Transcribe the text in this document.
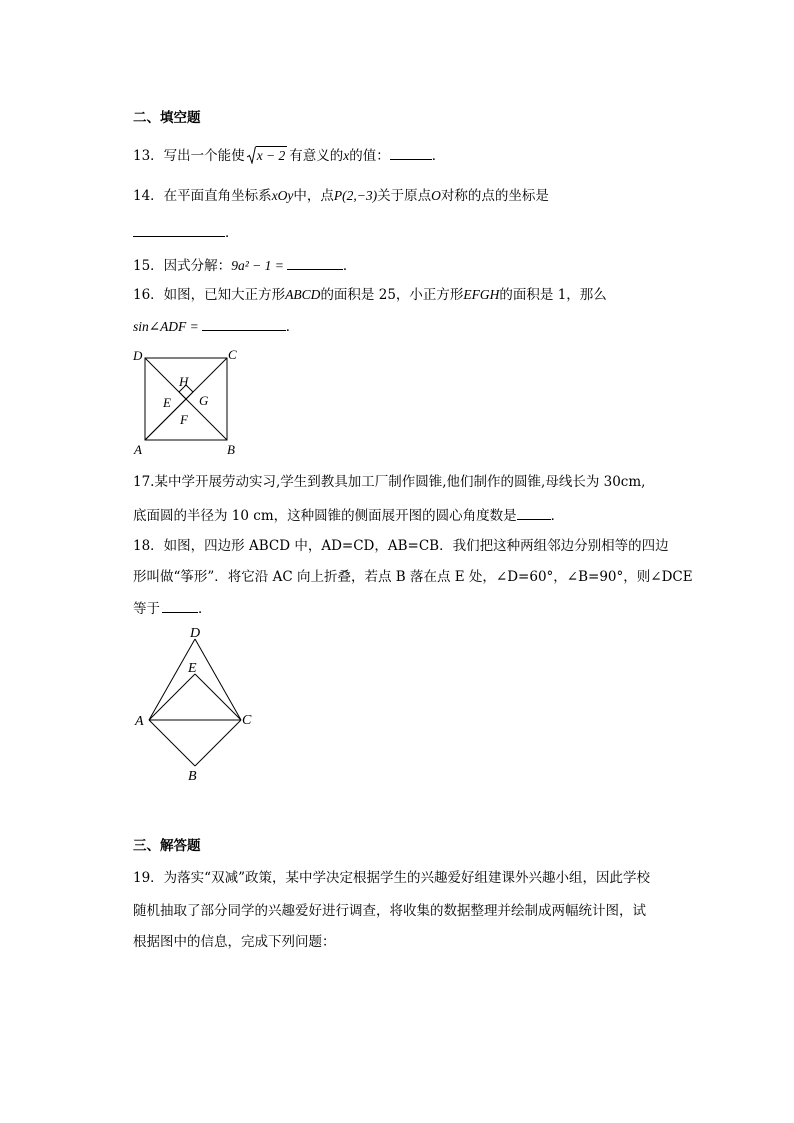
二、填空题
13．写出一个能使 x − 2 有意义的x的值：	．
14．在平面直角坐标系xOy中，点P(2,−3)关于原点O对称的点的坐标是
．
15．因式分解：9a² − 1 =	．
16．如图，已知大正方形ABCD的面积是 25，小正方形EFGH的面积是 1，那么
sin∠ADF =	．
D	C
A	B
H
E G
F
17.某中学开展劳动实习,学生到教具加工厂制作圆锥,他们制作的圆锥,母线长为 30cm,
底面圆的半径为 10 cm，这种圆锥的侧面展开图的圆心角度数是	．
18．如图，四边形 ABCD 中，AD=CD，AB=CB．我们把这种两组邻边分别相等的四边
形叫做“筝形”．将它沿 AC 向上折叠，若点 B 落在点 E 处，∠D=60°，∠B=90°，则∠DCE
等于	．
D
E
A	C
B
三、解答题
19．为落实“双减”政策，某中学决定根据学生的兴趣爱好组建课外兴趣小组，因此学校
随机抽取了部分同学的兴趣爱好进行调查，将收集的数据整理并绘制成两幅统计图，试
根据图中的信息，完成下列问题：
